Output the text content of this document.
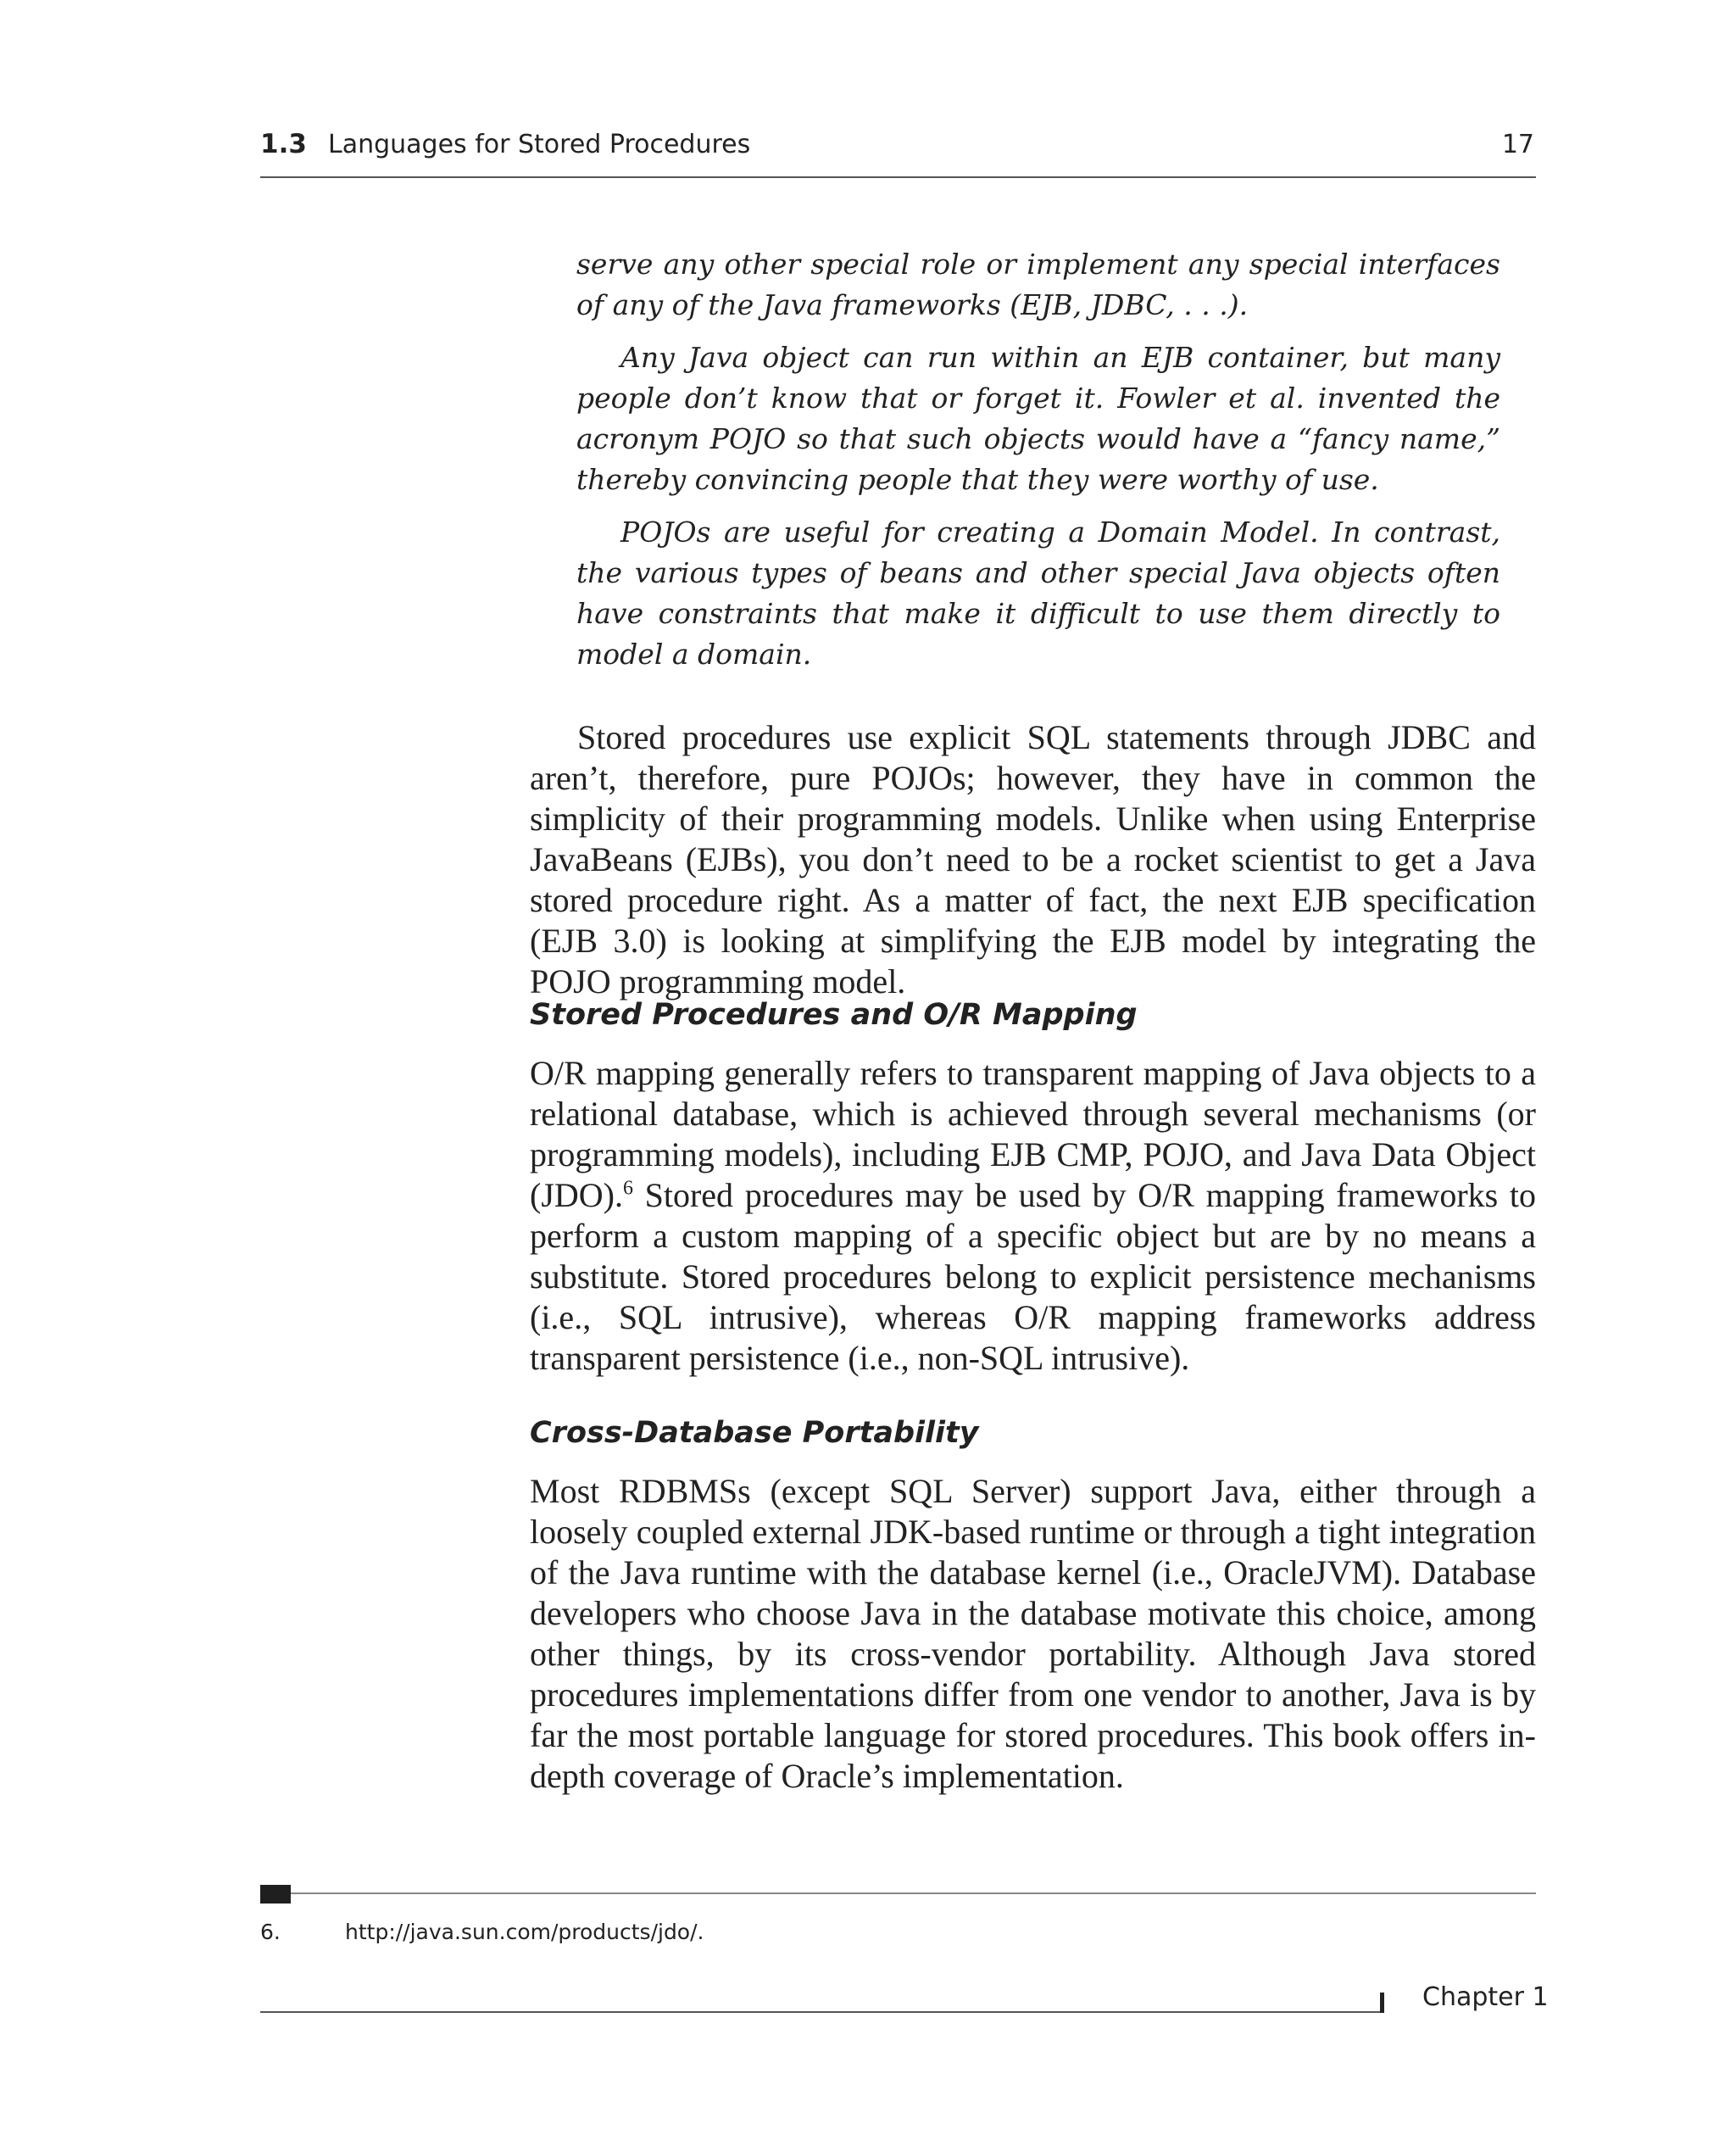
1.3 Languages for Stored Procedures	17

serve any other special role or implement any special interfaces of any of the Java frameworks (EJB, JDBC, . . .).

Any Java object can run within an EJB container, but many people don’t know that or forget it. Fowler et al. invented the acronym POJO so that such objects would have a “fancy name,” thereby convincing people that they were worthy of use.

POJOs are useful for creating a Domain Model. In contrast, the various types of beans and other special Java objects often have constraints that make it difficult to use them directly to model a domain.

Stored procedures use explicit SQL statements through JDBC and aren’t, therefore, pure POJOs; however, they have in common the simplicity of their programming models. Unlike when using Enterprise JavaBeans (EJBs), you don’t need to be a rocket scientist to get a Java stored procedure right. As a matter of fact, the next EJB specification (EJB 3.0) is looking at simplifying the EJB model by integrating the POJO programming model.

Stored Procedures and O/R Mapping

O/R mapping generally refers to transparent mapping of Java objects to a relational database, which is achieved through several mechanisms (or programming models), including EJB CMP, POJO, and Java Data Object (JDO).$^6$ Stored procedures may be used by O/R mapping frameworks to perform a custom mapping of a specific object but are by no means a substitute. Stored procedures belong to explicit persistence mechanisms (i.e., SQL intrusive), whereas O/R mapping frameworks address transparent persistence (i.e., non-SQL intrusive).

Cross-Database Portability

Most RDBMSs (except SQL Server) support Java, either through a loosely coupled external JDK-based runtime or through a tight integration of the Java runtime with the database kernel (i.e., OracleJVM). Database developers who choose Java in the database motivate this choice, among other things, by its cross-vendor portability. Although Java stored procedures implementations differ from one vendor to another, Java is by far the most portable language for stored procedures. This book offers in-depth coverage of Oracle’s implementation.

6.	http://java.sun.com/products/jdo/.
Chapter 1
